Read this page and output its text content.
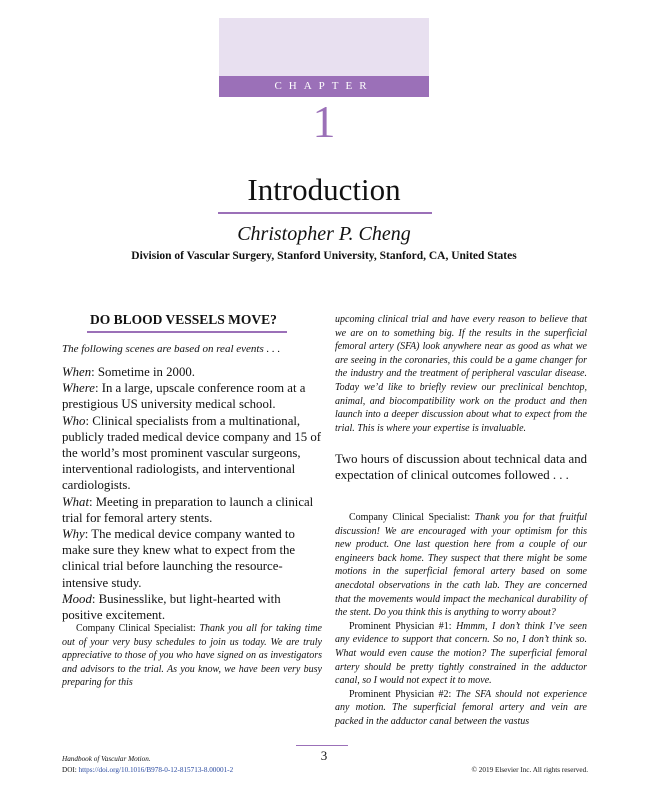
CHAPTER
1
Introduction
Christopher P. Cheng
Division of Vascular Surgery, Stanford University, Stanford, CA, United States
DO BLOOD VESSELS MOVE?
The following scenes are based on real events . . .

When: Sometime in 2000.

Where: In a large, upscale conference room at a prestigious US university medical school.

Who: Clinical specialists from a multinational, publicly traded medical device company and 15 of the world’s most prominent vascular surgeons, interventional radiologists, and interventional cardiologists.

What: Meeting in preparation to launch a clinical trial for femoral artery stents.

Why: The medical device company wanted to make sure they knew what to expect from the clinical trial before launching the resource-intensive study.

Mood: Businesslike, but light-hearted with positive excitement.

Company Clinical Specialist: Thank you all for taking time out of your very busy schedules to join us today. We are truly appreciative to those of you who have signed on as investigators and advisors to the trial. As you know, we have been very busy preparing for this

upcoming clinical trial and have every reason to believe that we are on to something big. If the results in the superficial femoral artery (SFA) look anywhere near as good as what we are seeing in the coronaries, this could be a game changer for the industry and the treatment of peripheral vascular disease. Today we’d like to briefly review our preclinical benchtop, animal, and biocompatibility work on the product and then launch into a deeper discussion about what to expect from the trial. This is where your expertise is invaluable.
Two hours of discussion about technical data and expectation of clinical outcomes followed . . .

Company Clinical Specialist: Thank you for that fruitful discussion! We are encouraged with your optimism for this new product. One last question here from a couple of our engineers back home. They suspect that there might be some motions in the superficial femoral artery based on some anecdotal observations in the cath lab. They are concerned that the movements would impact the mechanical durability of the stent. Do you think this is anything to worry about?

Prominent Physician #1: Hmmm, I don’t think I’ve seen any evidence to support that concern. So no, I don’t think so. What would even cause the motion? The superficial femoral artery should be pretty tightly constrained in the adductor canal, so I would not expect it to move.

Prominent Physician #2: The SFA should not experience any motion. The superficial femoral artery and vein are packed in the adductor canal between the vastus

Handbook of Vascular Motion.
DOI: https://doi.org/10.1016/B978-0-12-815713-8.00001-2
3
© 2019 Elsevier Inc. All rights reserved.
